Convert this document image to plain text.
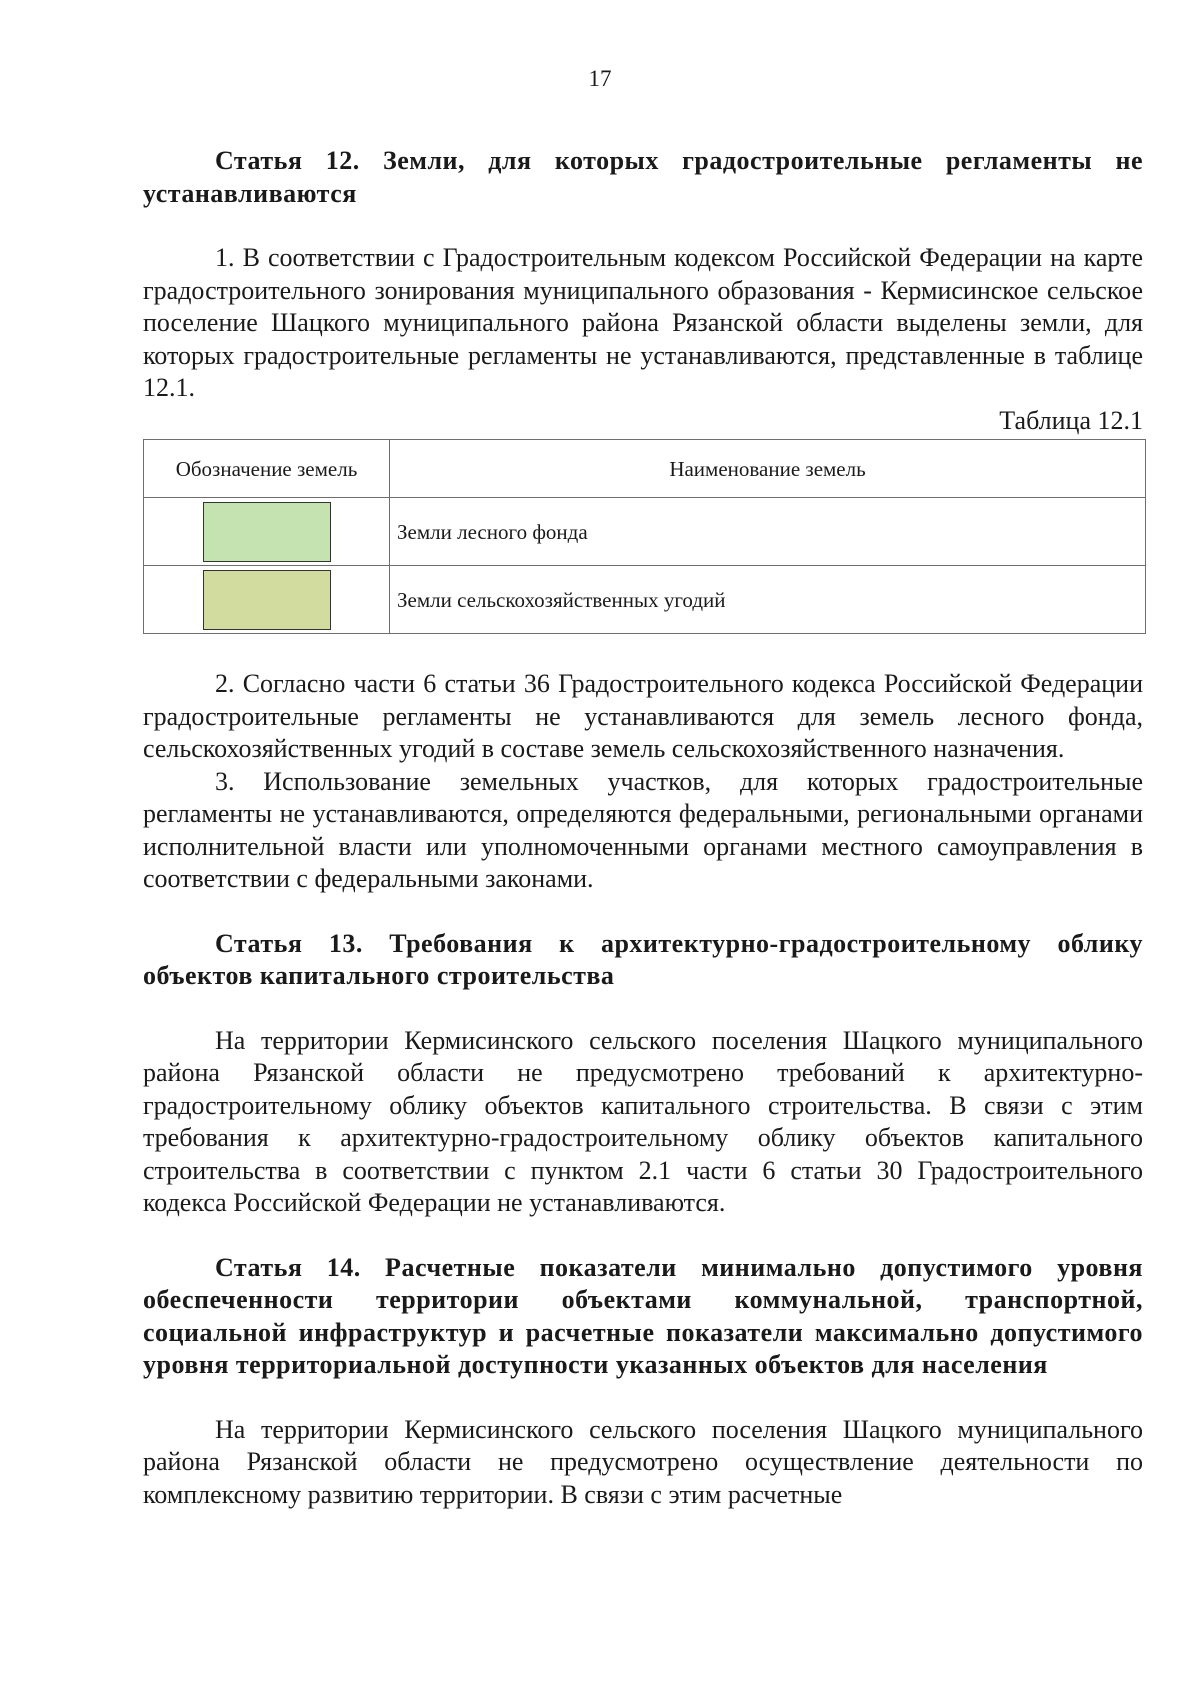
17

Статья 12. Земли, для которых градостроительные регламенты не устанавливаются

1. В соответствии с Градостроительным кодексом Российской Федерации на карте градостроительного зонирования муниципального образования - Кермисинское сельское поселение Шацкого муниципального района Рязанской области выделены земли, для которых градостроительные регламенты не устанавливаются, представленные в таблице 12.1.

Таблица 12.1

Обозначение земель	Наименование земель
	Земли лесного фонда
	Земли сельскохозяйственных угодий

2. Согласно части 6 статьи 36 Градостроительного кодекса Российской Федерации градостроительные регламенты не устанавливаются для земель лесного фонда, сельскохозяйственных угодий в составе земель сельскохозяйственного назначения.

3. Использование земельных участков, для которых градостроительные регламенты не устанавливаются, определяются федеральными, региональными органами исполнительной власти или уполномоченными органами местного самоуправления в соответствии с федеральными законами.

Статья 13. Требования к архитектурно-градостроительному облику объектов капитального строительства

На территории Кермисинского сельского поселения Шацкого муниципального района Рязанской области не предусмотрено требований к архитектурно-градостроительному облику объектов капитального строительства. В связи с этим требования к архитектурно-градостроительному облику объектов капитального строительства в соответствии с пунктом 2.1 части 6 статьи 30 Градостроительного кодекса Российской Федерации не устанавливаются.

Статья 14. Расчетные показатели минимально допустимого уровня обеспеченности территории объектами коммунальной, транспортной, социальной инфраструктур и расчетные показатели максимально допустимого уровня территориальной доступности указанных объектов для населения

На территории Кермисинского сельского поселения Шацкого муниципального района Рязанской области не предусмотрено осуществление деятельности по комплексному развитию территории. В связи с этим расчетные
